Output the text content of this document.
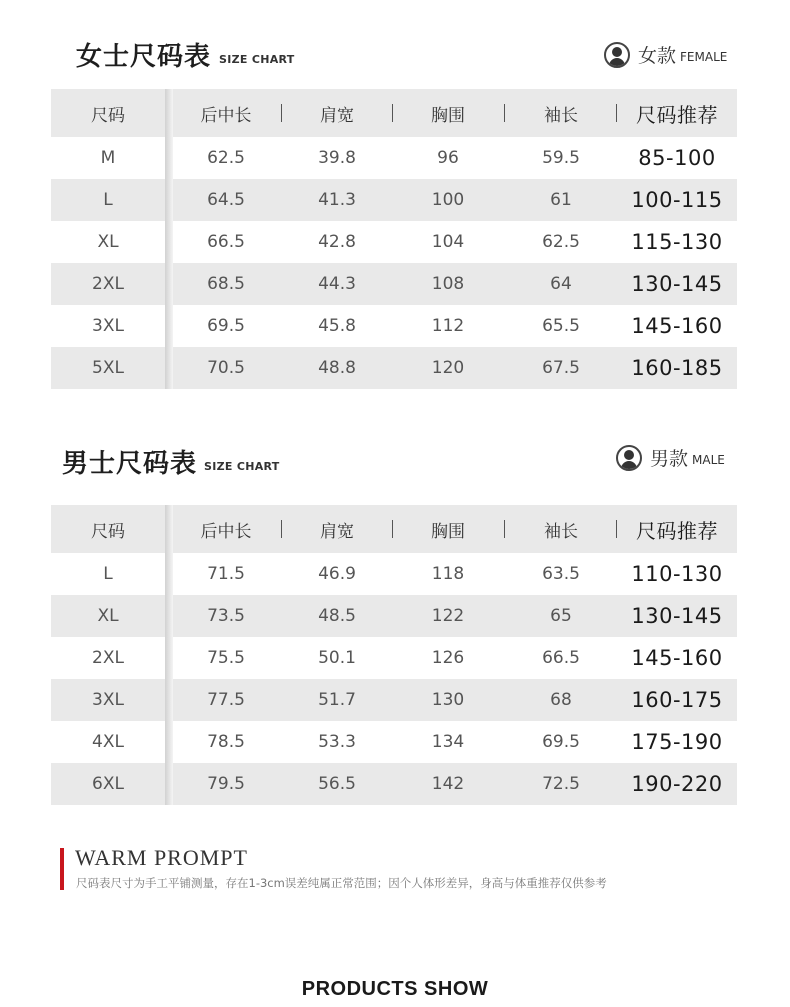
女士尺码表 SIZE CHART	女款 FEMALE
尺码	后中长	肩宽	胸围	袖长	尺码推荐
M	62.5	39.8	96	59.5	85-100
L	64.5	41.3	100	61	100-115
XL	66.5	42.8	104	62.5	115-130
2XL	68.5	44.3	108	64	130-145
3XL	69.5	45.8	112	65.5	145-160
5XL	70.5	48.8	120	67.5	160-185
男士尺码表 SIZE CHART	男款 MALE
尺码	后中长	肩宽	胸围	袖长	尺码推荐
L	71.5	46.9	118	63.5	110-130
XL	73.5	48.5	122	65	130-145
2XL	75.5	50.1	126	66.5	145-160
3XL	77.5	51.7	130	68	160-175
4XL	78.5	53.3	134	69.5	175-190
6XL	79.5	56.5	142	72.5	190-220
WARM PROMPT
尺码表尺寸为手工平铺测量，存在1-3cm误差纯属正常范围；因个人体形差异，身高与体重推荐仅供参考
PRODUCTS SHOW
